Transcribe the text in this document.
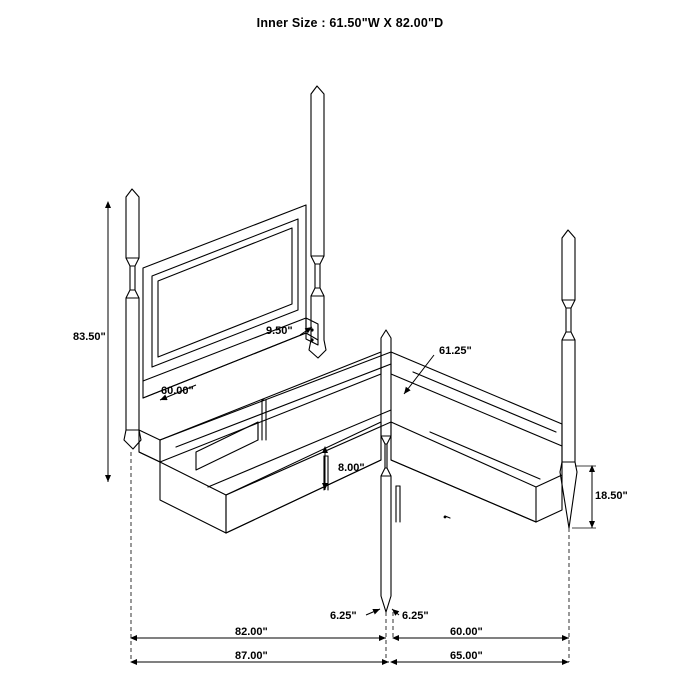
Inner Size : 61.50"W X 82.00"D
83.50"	9.50"
60.00"
61.25"
8.00"
18.50"
6.25"	6.25"
82.00"	60.00"
87.00"	65.00"
